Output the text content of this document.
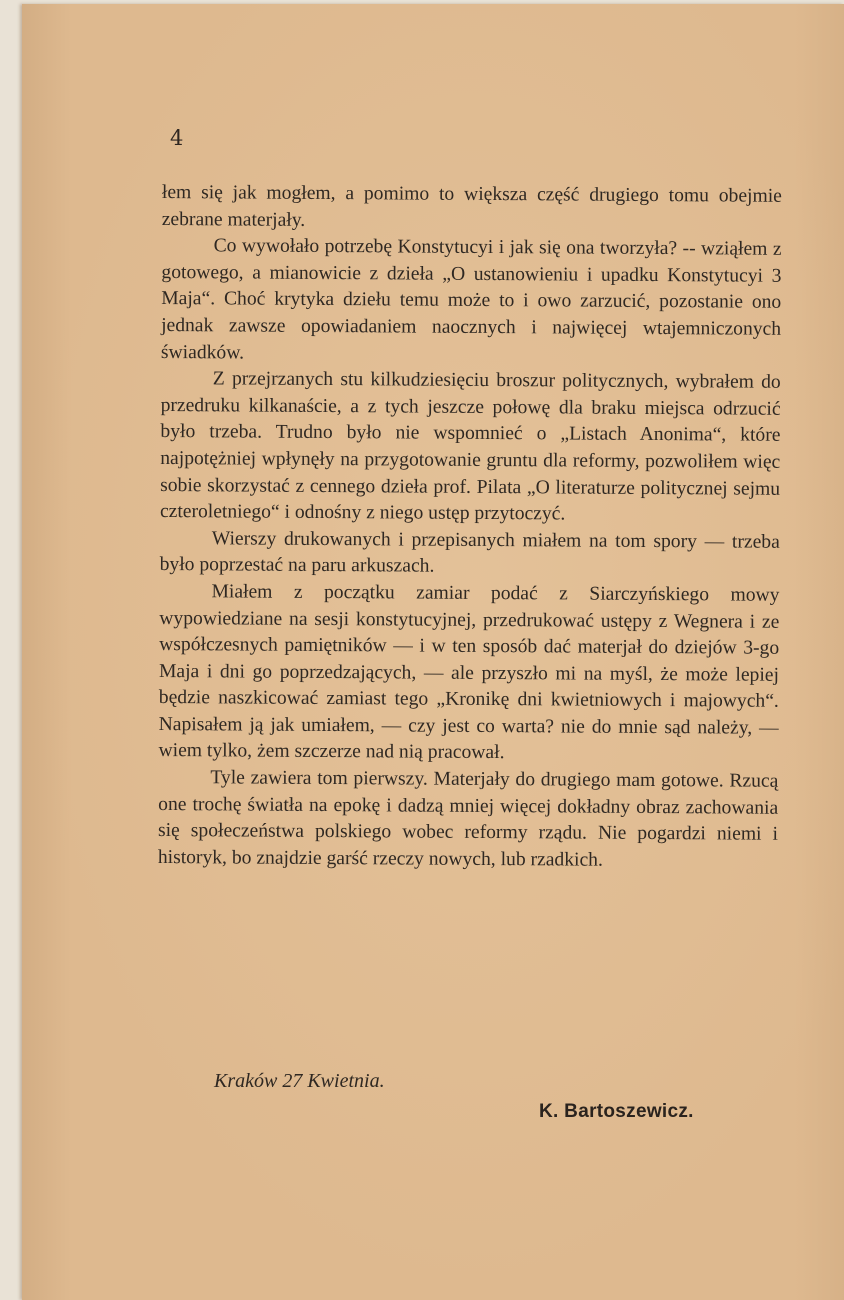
4

łem się jak mogłem, a pomimo to większa część drugiego tomu obejmie zebrane materjały.

Co wywołało potrzebę Konstytucyi i jak się ona tworzyła? -- wziąłem z gotowego, a mianowicie z dzieła „O ustanowieniu i upadku Konstytucyi 3 Maja“. Choć krytyka dziełu temu może to i owo zarzucić, pozostanie ono jednak zawsze opowiadaniem naocznych i najwięcej wtajemniczonych świadków.

Z przejrzanych stu kilkudziesięciu broszur politycznych, wybrałem do przedruku kilkanaście, a z tych jeszcze połowę dla braku miejsca odrzucić było trzeba. Trudno było nie wspomnieć o „Listach Anonima“, które najpotężniej wpłynęły na przygotowanie gruntu dla reformy, pozwoliłem więc sobie skorzystać z cennego dzieła prof. Pilata „O literaturze politycznej sejmu czteroletniego“ i odnośny z niego ustęp przytoczyć.

Wierszy drukowanych i przepisanych miałem na tom spory — trzeba było poprzestać na paru arkuszach.

Miałem z początku zamiar podać z Siarczyńskiego mowy wypowiedziane na sesji konstytucyjnej, przedrukować ustępy z Wegnera i ze współczesnych pamiętników — i w ten sposób dać materjał do dziejów 3-go Maja i dni go poprzedzających, — ale przyszło mi na myśl, że może lepiej będzie naszkicować zamiast tego „Kronikę dni kwietniowych i majowych“. Napisałem ją jak umiałem, — czy jest co warta? nie do mnie sąd należy, — wiem tylko, żem szczerze nad nią pracował.

Tyle zawiera tom pierwszy. Materjały do drugiego mam gotowe. Rzucą one trochę światła na epokę i dadzą mniej więcej dokładny obraz zachowania się społeczeństwa polskiego wobec reformy rządu. Nie pogardzi niemi i historyk, bo znajdzie garść rzeczy nowych, lub rzadkich.

Kraków 27 Kwietnia.
K. Bartoszewicz.
